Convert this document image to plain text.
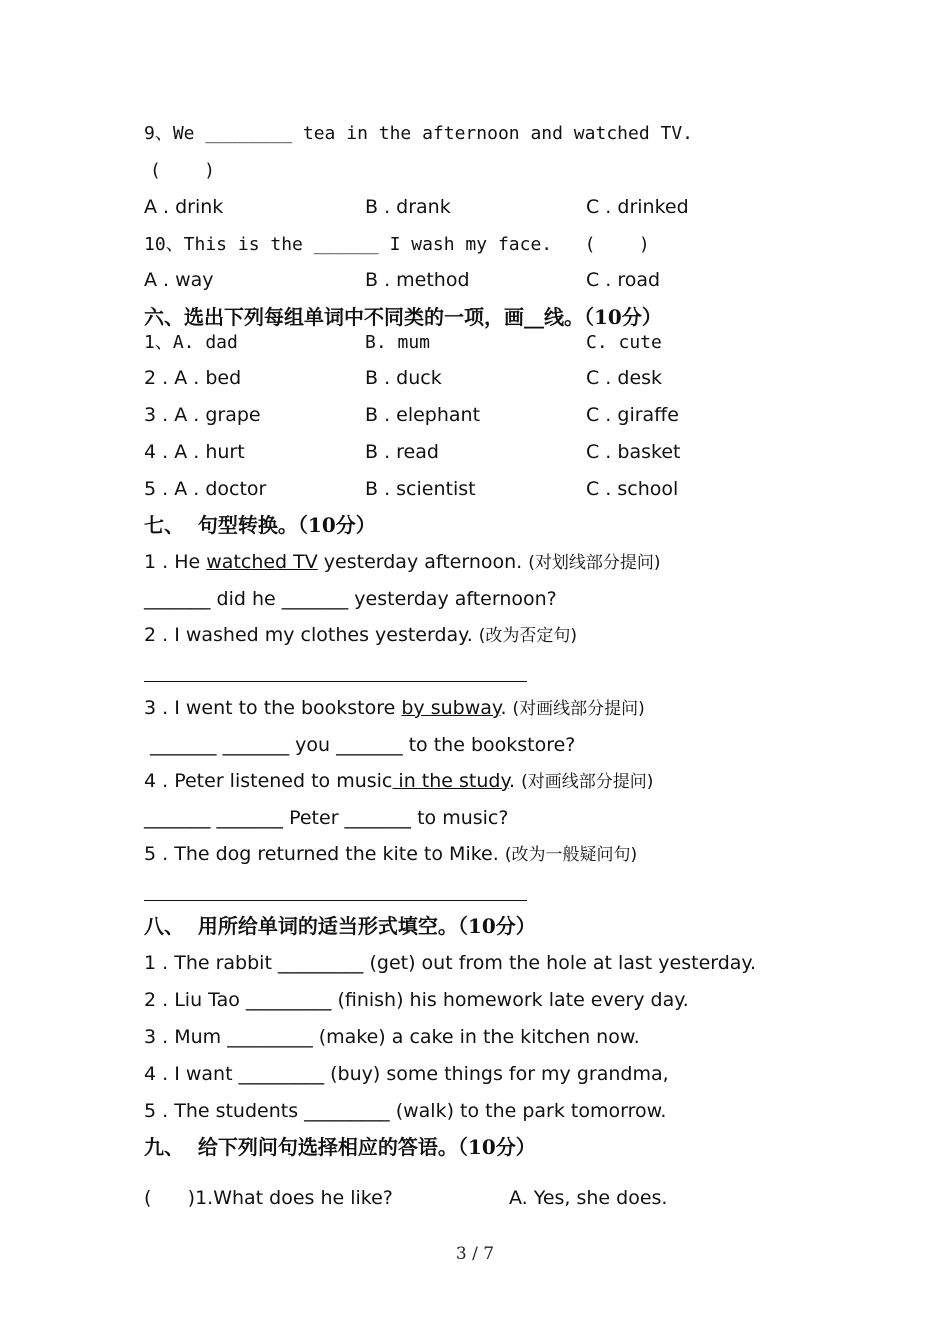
9、We ________ tea in the afternoon and watched TV.
(    )
A . drink	B . drank	C . drinked
10、This is the ______ I wash my face.   (    )
A . way	B . method	C . road
六、选出下列每组单词中不同类的一项，画__线。（10分）
1、A. dad	B. mum	C. cute
2 . A . bed	B . duck	C . desk
3 . A . grape	B . elephant	C . giraffe
4 . A . hurt	B . read	C . basket
5 . A . doctor	B . scientist	C . school
七、  句型转换。（10分）
1 . He watched TV yesterday afternoon. (对划线部分提问)
_______ did he _______ yesterday afternoon?
2 . I washed my clothes yesterday. (改为否定句)
3 . I went to the bookstore by subway. (对画线部分提问)
_______ _______ you _______ to the bookstore?
4 . Peter listened to music in the study. (对画线部分提问)
_______ _______ Peter _______ to music?
5 . The dog returned the kite to Mike. (改为一般疑问句)
八、  用所给单词的适当形式填空。（10分）
1 . The rabbit _________ (get) out from the hole at last yesterday.
2 . Liu Tao _________ (finish) his homework late every day.
3 . Mum _________ (make) a cake in the kitchen now.
4 . I want _________ (buy) some things for my grandma,
5 . The students _________ (walk) to the park tomorrow.
九、  给下列问句选择相应的答语。（10分）
(      )1.What does he like?	A. Yes, she does.
3 / 7
